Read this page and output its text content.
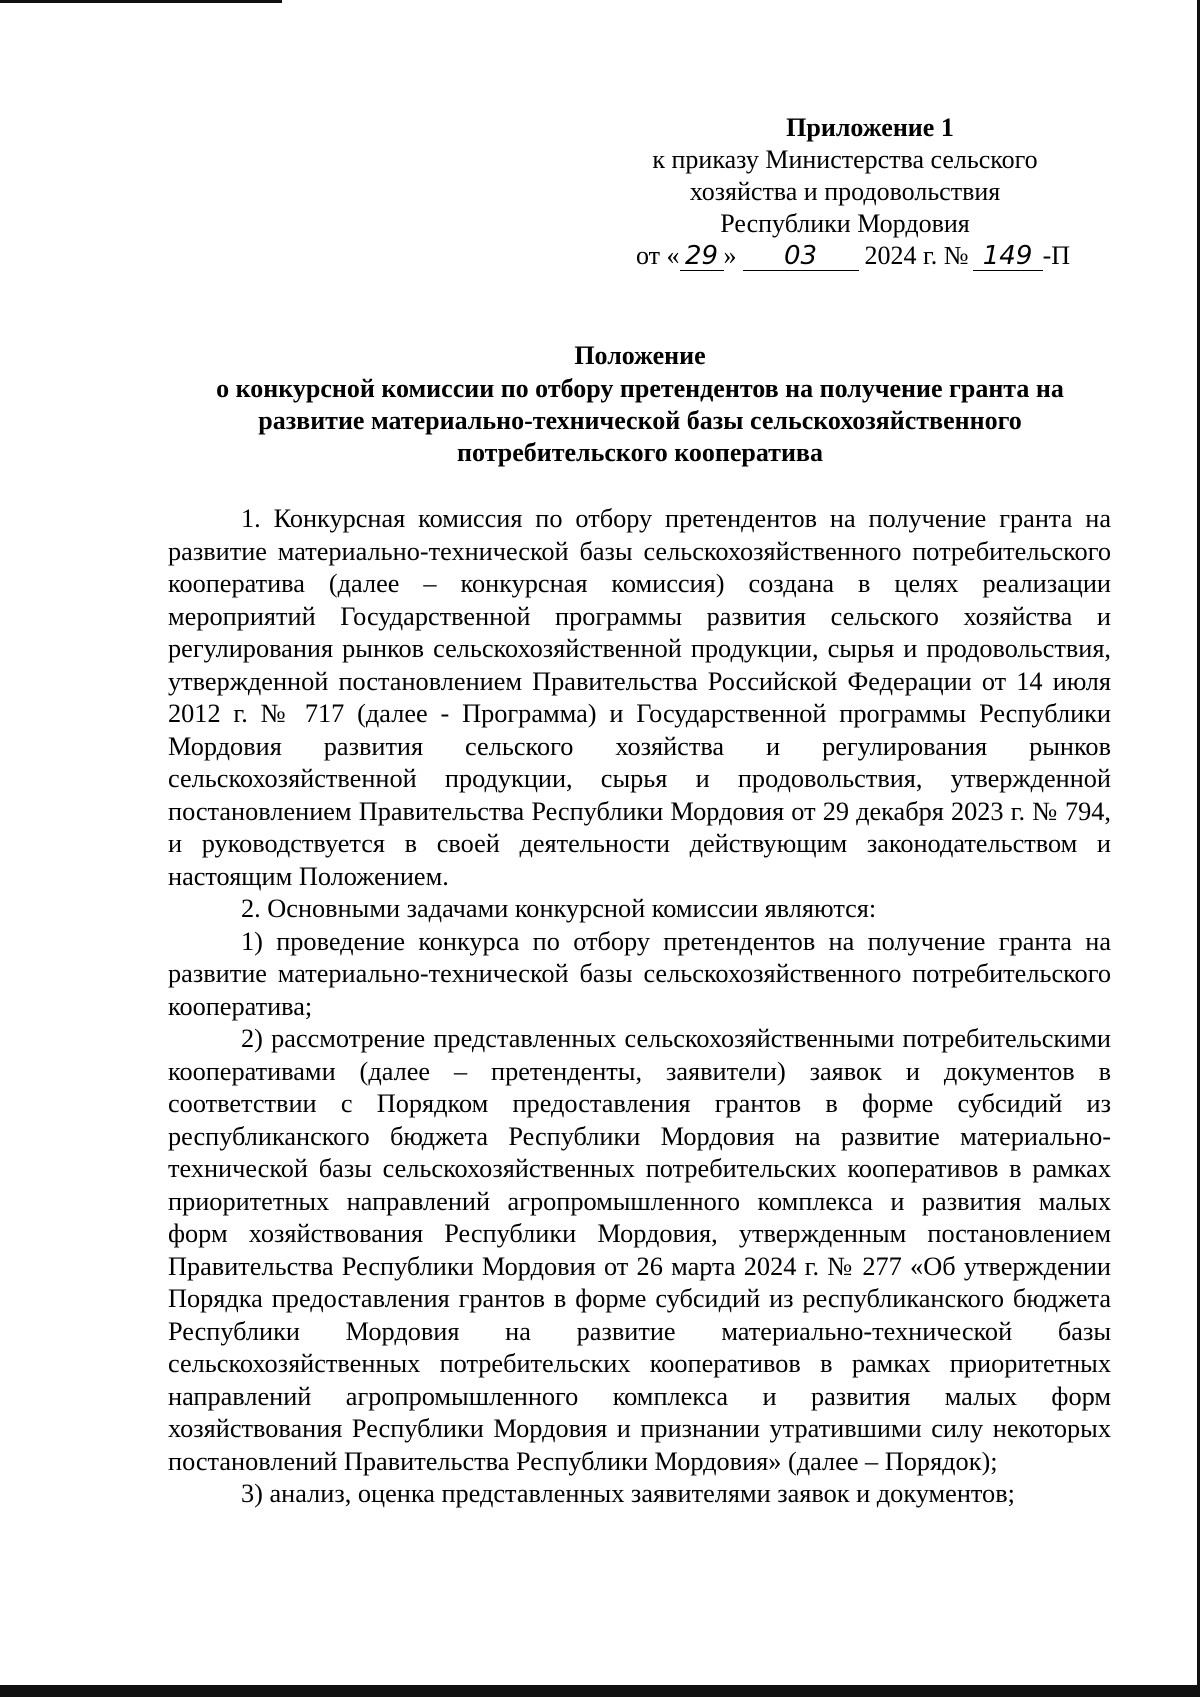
Приложение 1
к приказу Министерства сельского
хозяйства и продовольствия
Республики Мордовия
от « 29 » 03 2024 г. № 149 -П
Положение
о конкурсной комиссии по отбору претендентов на получение гранта на
развитие материально-технической базы сельскохозяйственного
потребительского кооператива

1. Конкурсная комиссия по отбору претендентов на получение гранта на развитие материально-технической базы сельскохозяйственного потребительского кооператива (далее – конкурсная комиссия) создана в целях реализации мероприятий Государственной программы развития сельского хозяйства и регулирования рынков сельскохозяйственной продукции, сырья и продовольствия, утвержденной постановлением Правительства Российской Федерации от 14 июля 2012 г. № 717 (далее - Программа) и Государственной программы Республики Мордовия развития сельского хозяйства и регулирования рынков сельскохозяйственной продукции, сырья и продовольствия, утвержденной постановлением Правительства Республики Мордовия от 29 декабря 2023 г. № 794, и руководствуется в своей деятельности действующим законодательством и настоящим Положением.

2. Основными задачами конкурсной комиссии являются:

1) проведение конкурса по отбору претендентов на получение гранта на развитие материально-технической базы сельскохозяйственного потребительского кооператива;

2) рассмотрение представленных сельскохозяйственными потребительскими кооперативами (далее – претенденты, заявители) заявок и документов в соответствии с Порядком предоставления грантов в форме субсидий из республиканского бюджета Республики Мордовия на развитие материально-технической базы сельскохозяйственных потребительских кооперативов в рамках приоритетных направлений агропромышленного комплекса и развития малых форм хозяйствования Республики Мордовия, утвержденным постановлением Правительства Республики Мордовия от 26 марта 2024 г. № 277 «Об утверждении Порядка предоставления грантов в форме субсидий из республиканского бюджета Республики Мордовия на развитие материально-технической базы сельскохозяйственных потребительских кооперативов в рамках приоритетных направлений агропромышленного комплекса и развития малых форм хозяйствования Республики Мордовия и признании утратившими силу некоторых постановлений Правительства Республики Мордовия» (далее – Порядок);

3) анализ, оценка представленных заявителями заявок и документов;
